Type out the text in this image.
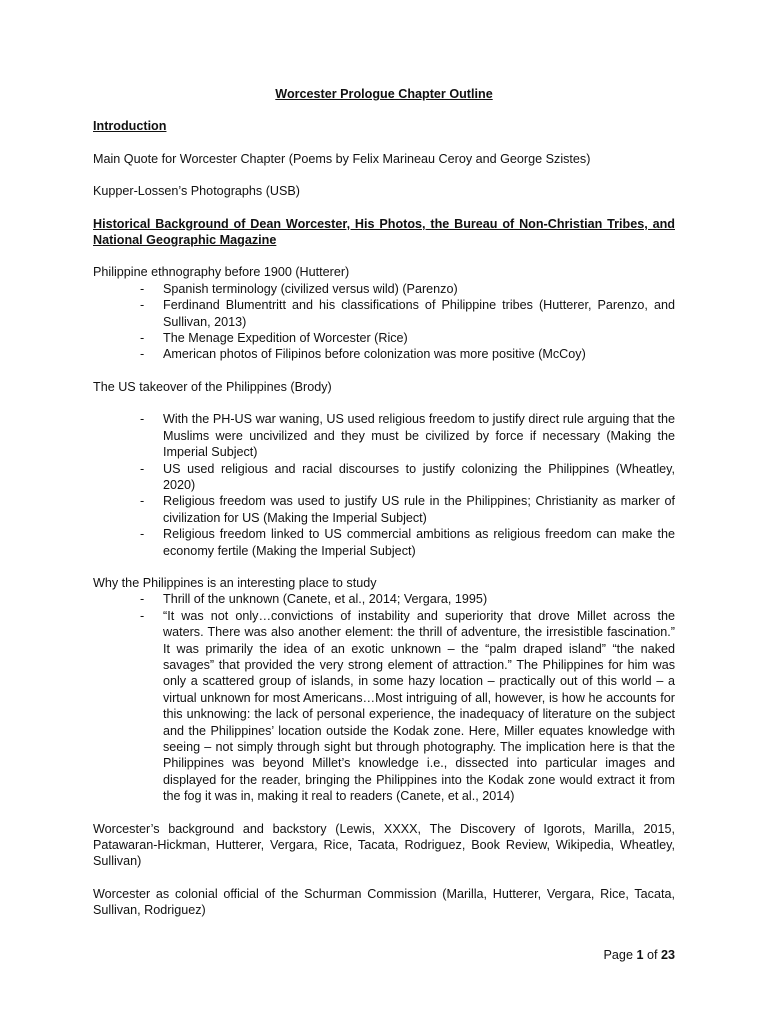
Worcester Prologue Chapter Outline
Introduction
Main Quote for Worcester Chapter (Poems by Felix Marineau Ceroy and George Szistes)
Kupper-Lossen’s Photographs (USB)
Historical Background of Dean Worcester, His Photos, the Bureau of Non-Christian Tribes, and National Geographic Magazine
Philippine ethnography before 1900 (Hutterer)
- Spanish terminology (civilized versus wild) (Parenzo)
- Ferdinand Blumentritt and his classifications of Philippine tribes (Hutterer, Parenzo, and Sullivan, 2013)
- The Menage Expedition of Worcester (Rice)
- American photos of Filipinos before colonization was more positive (McCoy)
The US takeover of the Philippines (Brody)
- With the PH-US war waning, US used religious freedom to justify direct rule arguing that the Muslims were uncivilized and they must be civilized by force if necessary (Making the Imperial Subject)
- US used religious and racial discourses to justify colonizing the Philippines (Wheatley, 2020)
- Religious freedom was used to justify US rule in the Philippines; Christianity as marker of civilization for US (Making the Imperial Subject)
- Religious freedom linked to US commercial ambitions as religious freedom can make the economy fertile (Making the Imperial Subject)
Why the Philippines is an interesting place to study
- Thrill of the unknown (Canete, et al., 2014; Vergara, 1995)
- “It was not only…convictions of instability and superiority that drove Millet across the waters. There was also another element: the thrill of adventure, the irresistible fascination.” It was primarily the idea of an exotic unknown – the “palm draped island” “the naked savages” that provided the very strong element of attraction.” The Philippines for him was only a scattered group of islands, in some hazy location – practically out of this world – a virtual unknown for most Americans…Most intriguing of all, however, is how he accounts for this unknowing: the lack of personal experience, the inadequacy of literature on the subject and the Philippines’ location outside the Kodak zone. Here, Miller equates knowledge with seeing – not simply through sight but through photography. The implication here is that the Philippines was beyond Millet’s knowledge i.e., dissected into particular images and displayed for the reader, bringing the Philippines into the Kodak zone would extract it from the fog it was in, making it real to readers (Canete, et al., 2014)
Worcester’s background and backstory (Lewis, XXXX, The Discovery of Igorots, Marilla, 2015, Patawaran-Hickman, Hutterer, Vergara, Rice, Tacata, Rodriguez, Book Review, Wikipedia, Wheatley, Sullivan)
Worcester as colonial official of the Schurman Commission (Marilla, Hutterer, Vergara, Rice, Tacata, Sullivan, Rodriguez)
Page 1 of 23
